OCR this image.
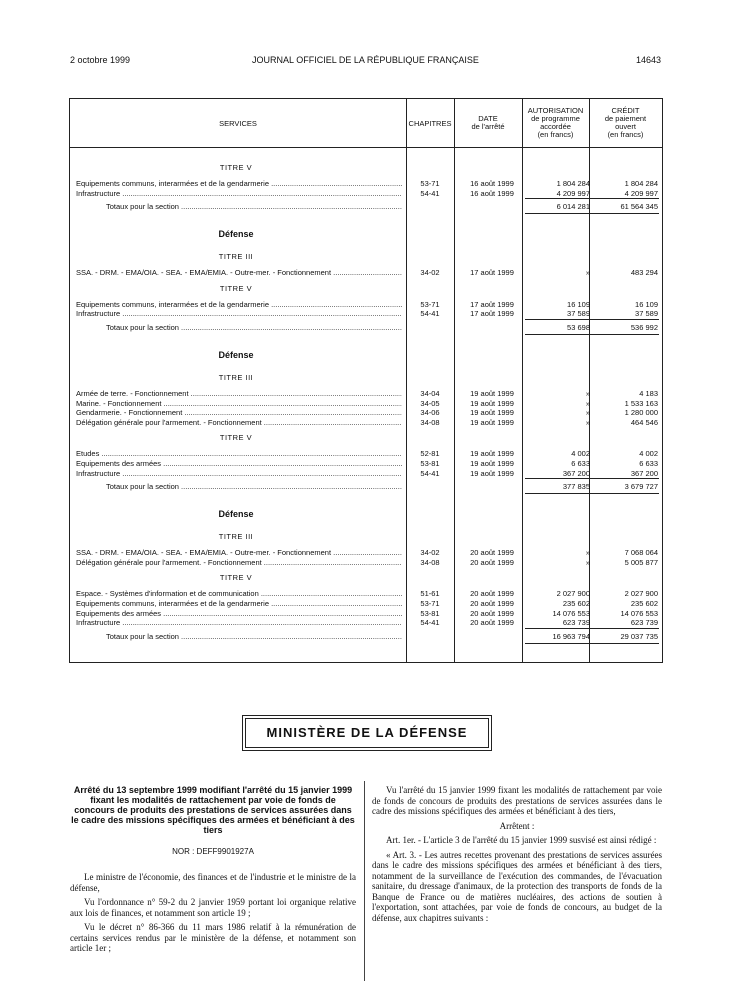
2 octobre 1999	JOURNAL OFFICIEL DE LA RÉPUBLIQUE FRANÇAISE	14643
SERVICES	CHAPITRES
DATE
de l'arrêté
AUTORISATION
de programme
accordée
(en francs)
CRÉDIT
de paiement
ouvert
(en francs)
TITRE V
Equipements communs, interarmées et de la gendarmerie .....	53-71	16 août 1999	1 804 284	1 804 284
Infrastructure .....	54-41	16 août 1999	4 209 997	4 209 997
Totaux pour la section .....	6 014 281	61 564 345
Défense
TITRE III
SSA. - DRM. - EMA/OIA. - SEA. - EMA/EMIA. - Outre-mer. - Fonctionnement .....	34-02	17 août 1999	»	483 294
TITRE V
Equipements communs, interarmées et de la gendarmerie .....	53-71	17 août 1999	16 109	16 109
Infrastructure .....	54-41	17 août 1999	37 589	37 589
Totaux pour la section .....	53 698	536 992
Défense
TITRE III
Armée de terre. - Fonctionnement .....	34-04	19 août 1999	»	4 183
Marine. - Fonctionnement .....	34-05	19 août 1999	»	1 533 163
Gendarmerie. - Fonctionnement .....	34-06	19 août 1999	»	1 280 000
Délégation générale pour l'armement. - Fonctionnement .....	34-08	19 août 1999	»	464 546
TITRE V
Etudes .....	52-81	19 août 1999	4 002	4 002
Equipements des armées .....	53-81	19 août 1999	6 633	6 633
Infrastructure .....	54-41	19 août 1999	367 200	367 200
Totaux pour la section .....	377 835	3 679 727
Défense
TITRE III
SSA. - DRM. - EMA/OIA. - SEA. - EMA/EMIA. - Outre-mer. - Fonctionnement .....	34-02	20 août 1999	»	7 068 064
Délégation générale pour l'armement. - Fonctionnement .....	34-08	20 août 1999	»	5 005 877
TITRE V
Espace. - Systèmes d'information et de communication .....	51-61	20 août 1999	2 027 900	2 027 900
Equipements communs, interarmées et de la gendarmerie .....	53-71	20 août 1999	235 602	235 602
Equipements des armées .....	53-81	20 août 1999	14 076 553	14 076 553
Infrastructure .....	54-41	20 août 1999	623 739	623 739
Totaux pour la section .....	16 963 794	29 037 735
MINISTÈRE DE LA DÉFENSE

Arrêté du 13 septembre 1999 modifiant l'arrêté du 15 janvier 1999 fixant les modalités de rattachement par voie de fonds de concours de produits des prestations de services assurées dans le cadre des missions spécifiques des armées et bénéficiant à des tiers

NOR : DEFF9901927A

Le ministre de l'économie, des finances et de l'industrie et le ministre de la défense,

Vu l'ordonnance n° 59-2 du 2 janvier 1959 portant loi organique relative aux lois de finances, et notamment son article 19 ;

Vu le décret n° 86-366 du 11 mars 1986 relatif à la rémunération de certains services rendus par le ministère de la défense, et notamment son article 1er ;

Vu l'arrêté du 15 janvier 1999 fixant les modalités de rattachement par voie de fonds de concours de produits des prestations de services assurées dans le cadre des missions spécifiques des armées et bénéficiant à des tiers,

Arrêtent :

Art. 1er. - L'article 3 de l'arrêté du 15 janvier 1999 susvisé est ainsi rédigé :

« Art. 3. - Les autres recettes provenant des prestations de services assurées dans le cadre des missions spécifiques des armées et bénéficiant à des tiers, notamment de la surveillance de l'exécution des commandes, de l'évacuation sanitaire, du dressage d'animaux, de la protection des transports de fonds de la Banque de France ou de matières nucléaires, des actions de soutien à l'exportation, sont attachées, par voie de fonds de concours, au budget de la défense, aux chapitres suivants :
